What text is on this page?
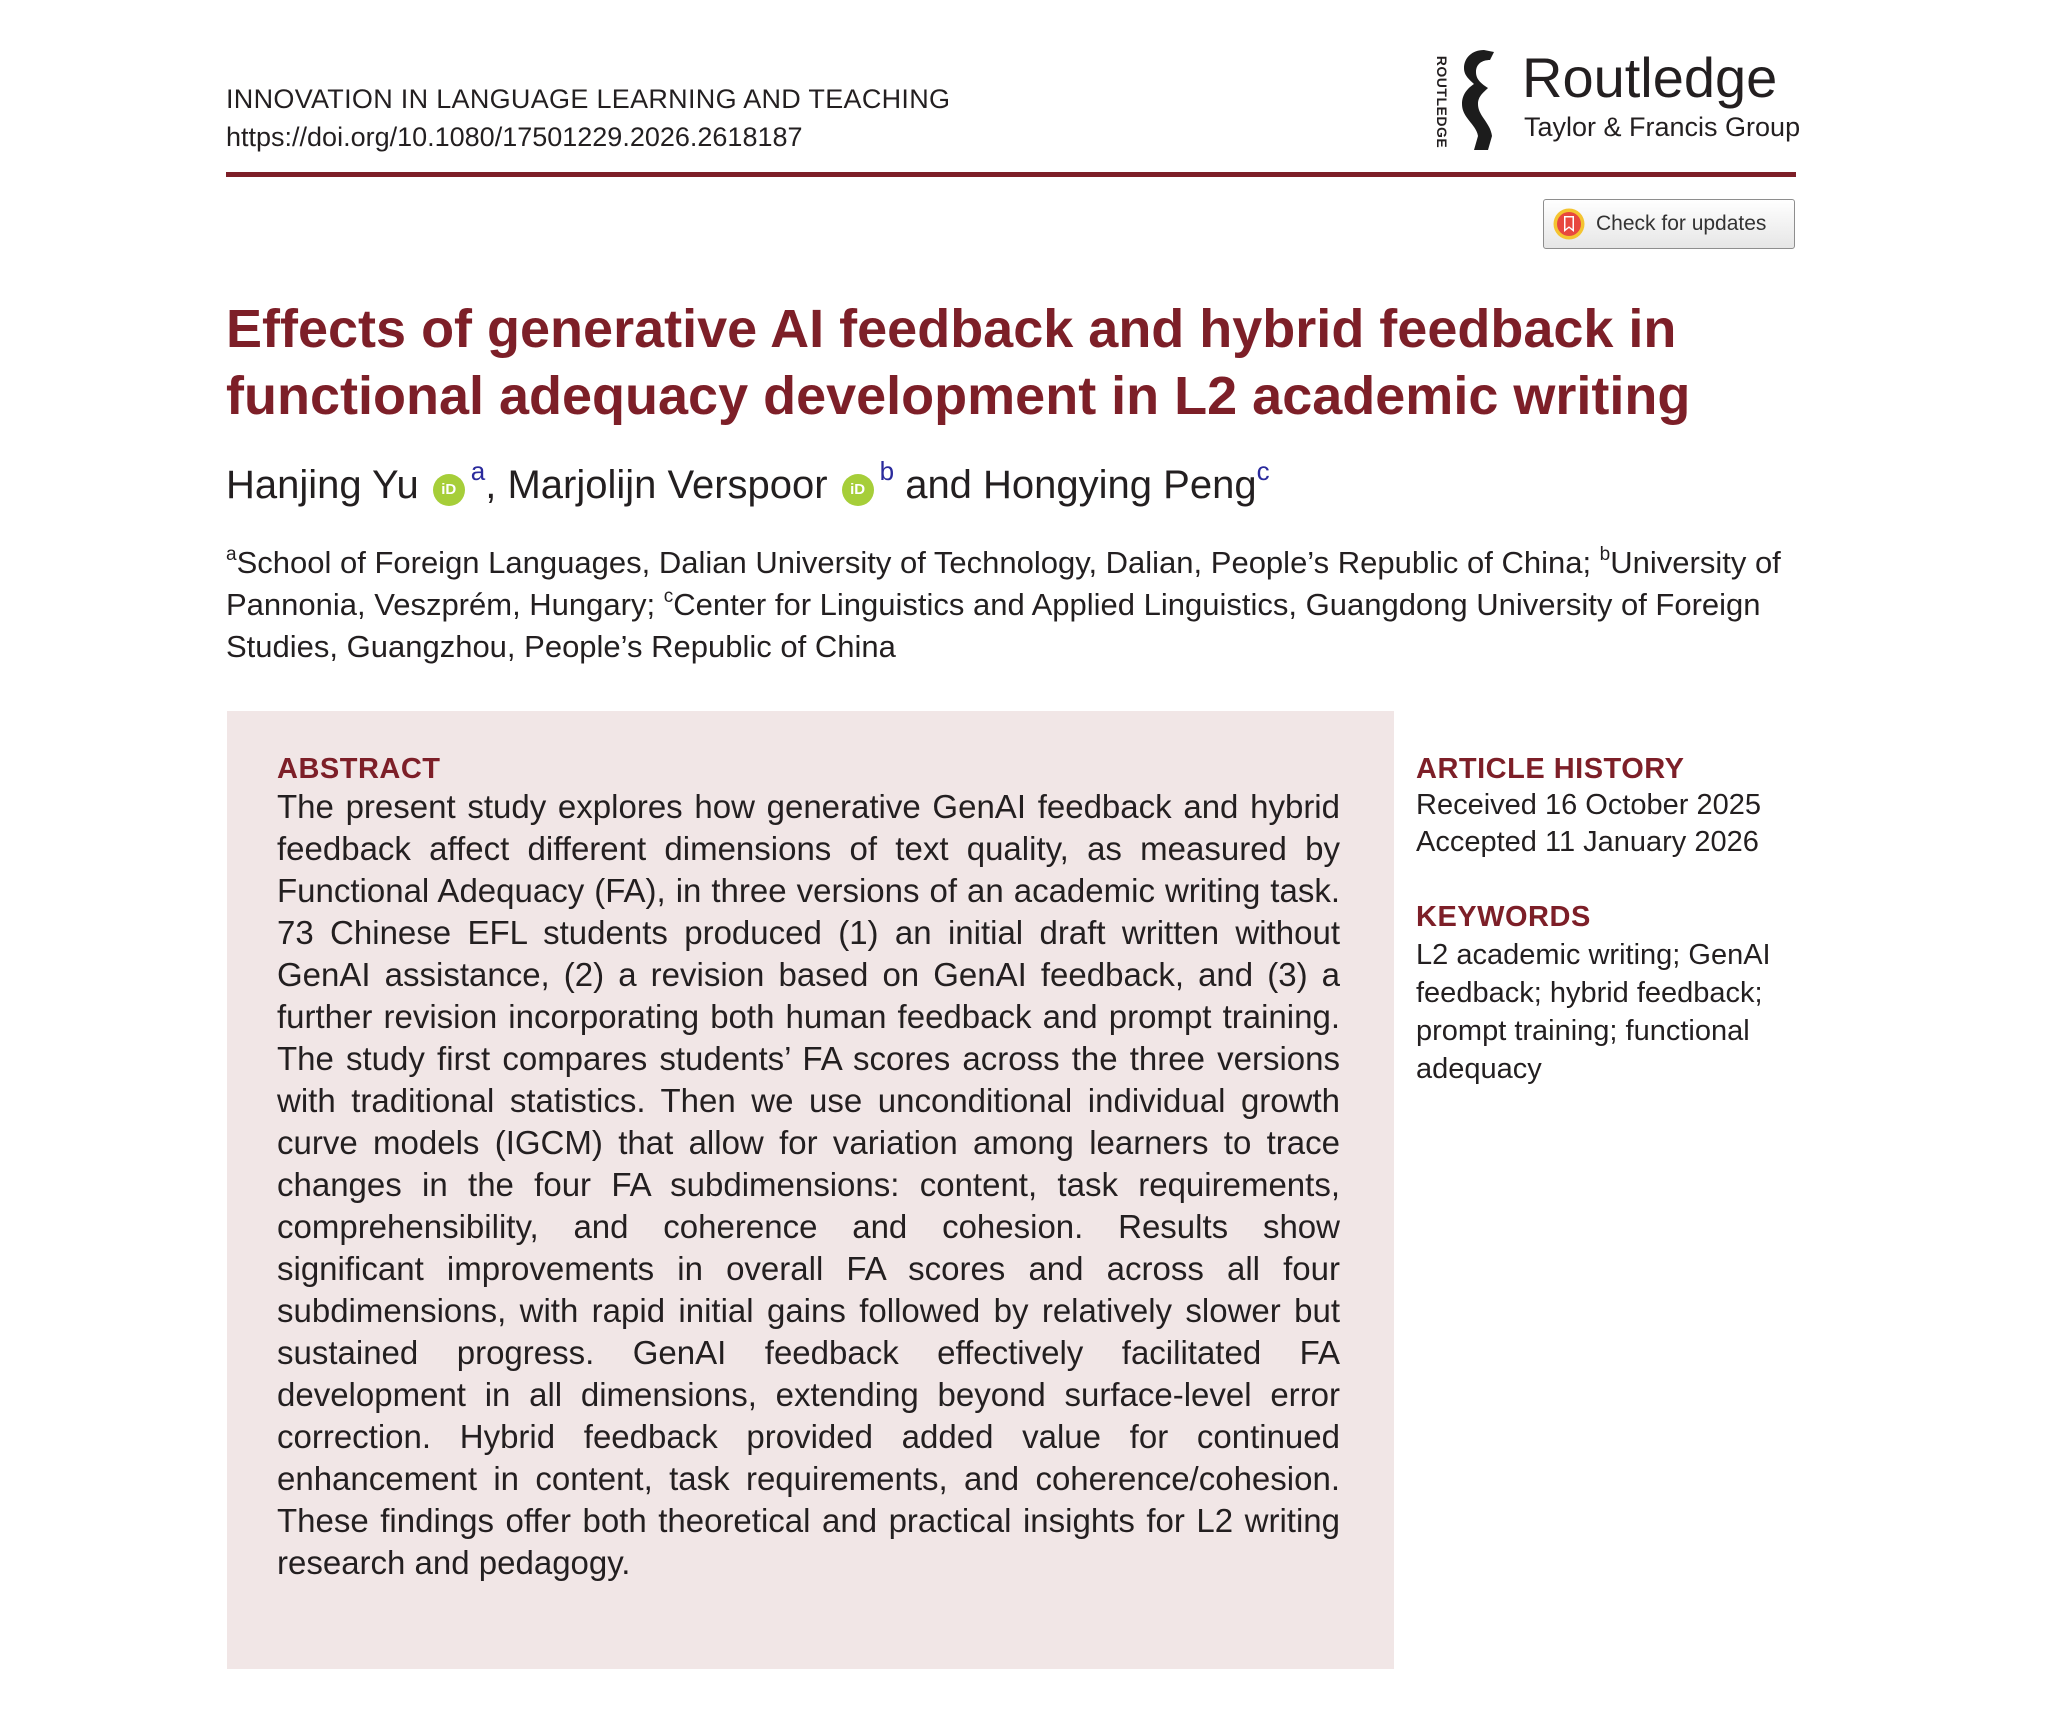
INNOVATION IN LANGUAGE LEARNING AND TEACHING
https://doi.org/10.1080/17501229.2026.2618187	ROUTLEDGE Routledge
Taylor & Francis Group
Check for updates
Effects of generative AI feedback and hybrid feedback in functional adequacy development in L2 academic writing
Hanjing Yu $iD^a$, Marjolijn Verspoor $iD^b$ and Hongying Peng$^c$
$^a$School of Foreign Languages, Dalian University of Technology, Dalian, People’s Republic of China; $^b$University of Pannonia, Veszprém, Hungary; $^c$Center for Linguistics and Applied Linguistics, Guangdong University of Foreign Studies, Guangzhou, People’s Republic of China
ABSTRACT
The present study explores how generative GenAI feedback and hybrid feedback affect different dimensions of text quality, as measured by Functional Adequacy (FA), in three versions of an academic writing task. 73 Chinese EFL students produced (1) an initial draft written without GenAI assistance, (2) a revision based on GenAI feedback, and (3) a further revision incorporating both human feedback and prompt training. The study first compares students’ FA scores across the three versions with traditional statistics. Then we use unconditional individual growth curve models (IGCM) that allow for variation among learners to trace changes in the four FA subdimensions: content, task requirements, comprehensibility, and coherence and cohesion. Results show significant improvements in overall FA scores and across all four subdimensions, with rapid initial gains followed by relatively slower but sustained progress. GenAI feedback effectively facilitated FA development in all dimensions, extending beyond surface-level error correction. Hybrid feedback provided added value for continued enhancement in content, task requirements, and coherence/cohesion. These findings offer both theoretical and practical insights for L2 writing research and pedagogy.
ARTICLE HISTORY
Received 16 October 2025
Accepted 11 January 2026
KEYWORDS
L2 academic writing; GenAI feedback; hybrid feedback; prompt training; functional adequacy
